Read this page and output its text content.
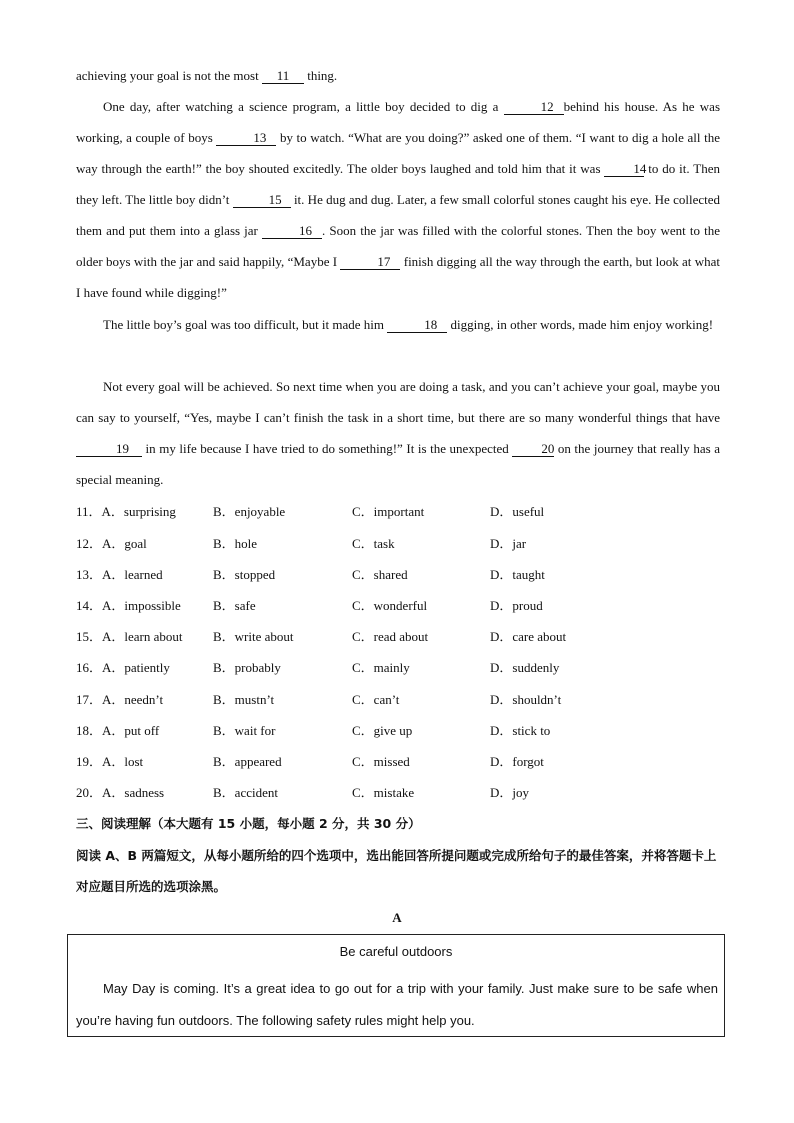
achieving your goal is not the most 11 thing.

One day, after watching a science program, a little boy decided to dig a	12 behind his house. As he was working, a couple of boys	13 by to watch. “What are you doing?” asked one of them. “I want to dig a hole all the way through the earth!” the boy shouted excitedly. The older boys laughed and told him that it was 14 to do it. Then they left. The little boy didn’t	15 it. He dug and dug. Later, a few small colorful stones caught his eye. He collected them and put them into a glass jar	16 . Soon the jar was filled with the colorful stones. Then the boy went to the older boys with the jar and said happily, “Maybe I	17 finish digging all the way through the earth, but look at what I have found while digging!”

The little boy’s goal was too difficult, but it made him	18 digging, in other words, made him enjoy working!

Not every goal will be achieved. So next time when you are doing a task, and you can’t achieve your goal, maybe you can say to yourself, “Yes, maybe I can’t finish the task in a short time, but there are so many wonderful things that have 19 in my life because I have tried to do something!” It is the unexpected 20 on the journey that really has a special meaning.

11．A．surprising	B．enjoyable	C．important	D．useful
12．A．goal	B．hole	C．task	D．jar
13．A．learned	B．stopped	C．shared	D．taught
14．A．impossible B．safe	C．wonderful	D．proud
15．A．learn about B．write about	C．read about	D．care about
16．A．patiently	B．probably	C．mainly	D．suddenly
17．A．needn’t	B．mustn’t	C．can’t	D．shouldn’t
18．A．put off	B．wait for	C．give up	D．stick to
19．A．lost	B．appeared	C．missed	D．forgot
20．A．sadness	B．accident	C．mistake	D．joy
三、阅读理解（本大题有 15 小题，每小题 2 分，共 30 分）
阅读 A、B 两篇短文，从每小题所给的四个选项中，选出能回答所提问题或完成所给句子的最佳答案，并将答题卡上对应题目所选的选项涂黑。
A
Be careful outdoors

May Day is coming. It’s a great idea to go out for a trip with your family. Just make sure to be safe when you’re having fun outdoors. The following safety rules might help you.
